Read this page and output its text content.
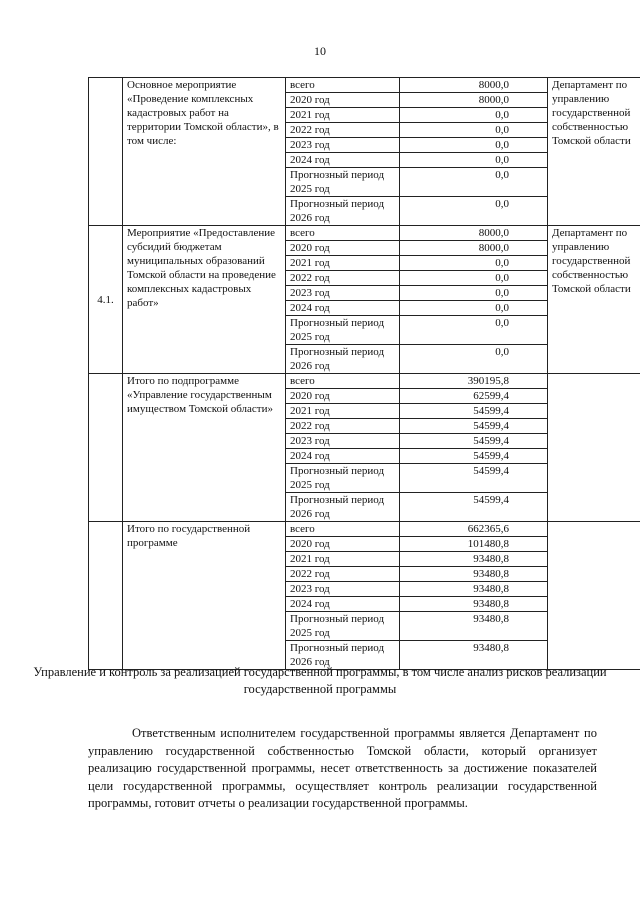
10
	Основное мероприятие «Проведение комплексных кадастровых работ на территории Томской области», в том числе:	всего	8000,0	Департамент по управлению государственной собственностью Томской области
		2020 год	8000,0	
		2021 год	0,0	
		2022 год	0,0	
		2023 год	0,0	
		2024 год	0,0	
		Прогнозный период 2025 год	0,0	
		Прогнозный период 2026 год	0,0	
4.1.	Мероприятие «Предоставление субсидий бюджетам муниципальных образований Томской области на проведение комплексных кадастровых работ»	всего	8000,0	Департамент по управлению государственной собственностью Томской области
		2020 год	8000,0	
		2021 год	0,0	
		2022 год	0,0	
		2023 год	0,0	
		2024 год	0,0	
		Прогнозный период 2025 год	0,0	
		Прогнозный период 2026 год	0,0	
	Итого по подпрограмме «Управление государственным имуществом Томской области»	всего	390195,8	
		2020 год	62599,4	
		2021 год	54599,4	
		2022 год	54599,4	
		2023 год	54599,4	
		2024 год	54599,4	
		Прогнозный период 2025 год	54599,4	
		Прогнозный период 2026 год	54599,4	
	Итого по государственной программе	всего	662365,6	
		2020 год	101480,8	
		2021 год	93480,8	
		2022 год	93480,8	
		2023 год	93480,8	
		2024 год	93480,8	
		Прогнозный период 2025 год	93480,8	
		Прогнозный период 2026 год	93480,8	
Управление и контроль за реализацией государственной программы, в том числе анализ рисков реализации государственной программы

Ответственным исполнителем государственной программы является Департамент по управлению государственной собственностью Томской области, который организует реализацию государственной программы, несет ответственность за достижение показателей цели государственной программы, осуществляет контроль реализации государственной программы, готовит отчеты о реализации государственной программы.
